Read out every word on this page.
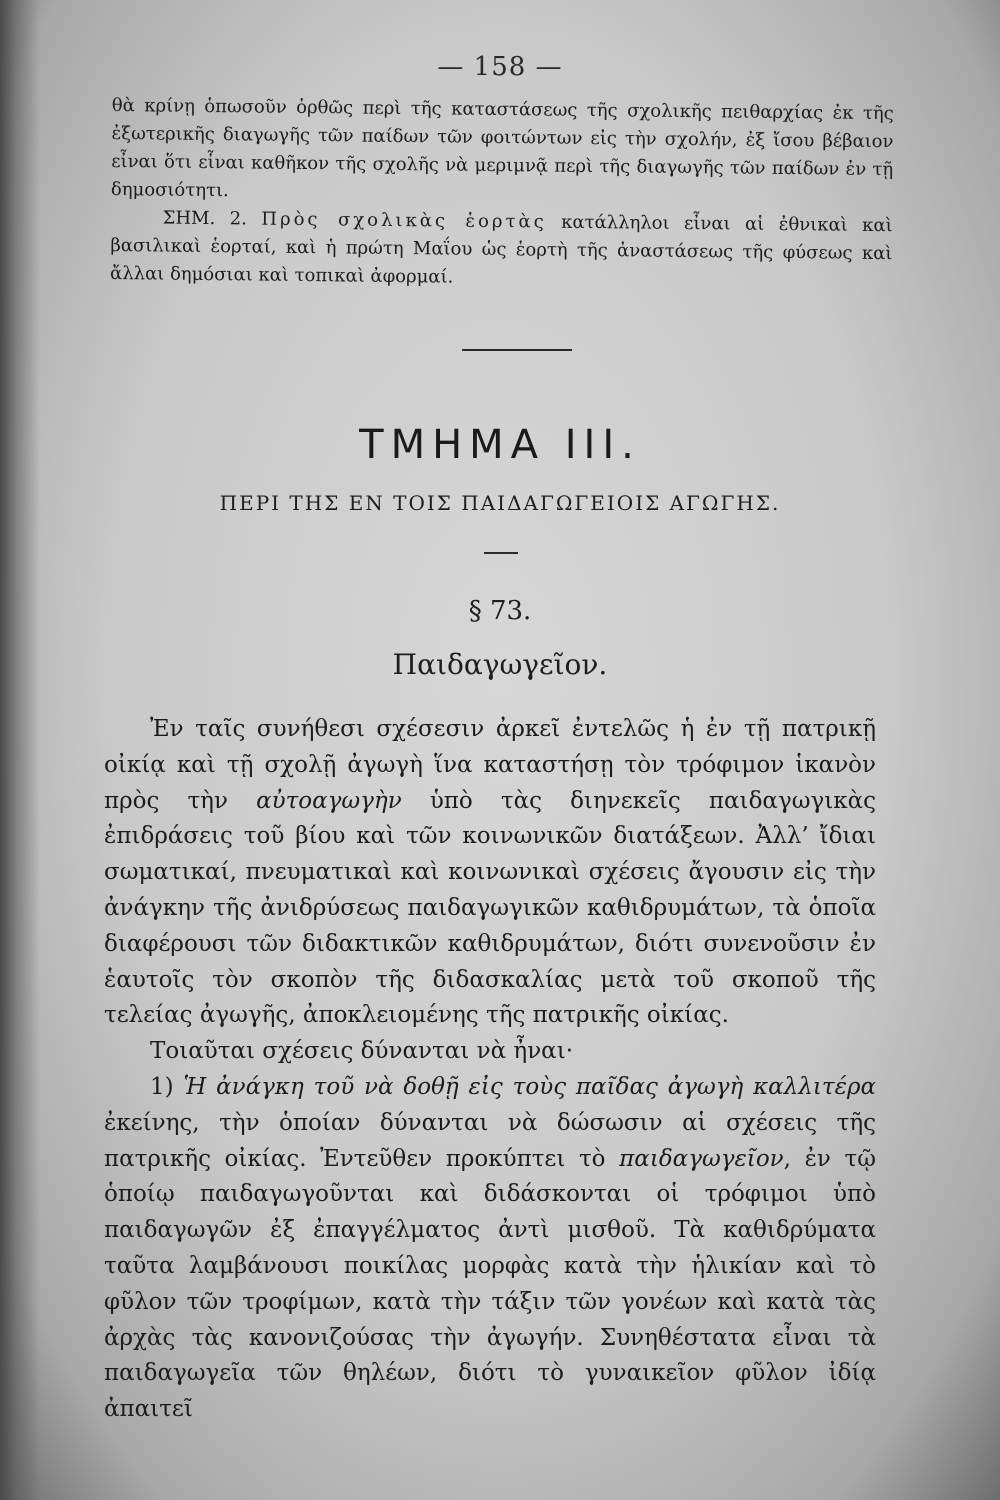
— 158 —

θὰ κρίνῃ ὁπωσοῦν ὀρθῶς περὶ τῆς καταστάσεως τῆς σχολικῆς πειθαρχίας ἐκ τῆς ἐξωτερικῆς διαγωγῆς τῶν παίδων τῶν φοιτώντων εἰς τὴν σχολήν, ἐξ ἴσου βέβαιον εἶναι ὅτι εἶναι καθῆκον τῆς σχολῆς νὰ μεριμνᾷ περὶ τῆς διαγωγῆς τῶν παίδων ἐν τῇ δημοσιότητι.

ΣΗΜ. 2. Πρὸς σχολικὰς ἑορτὰς κατάλληλοι εἶναι αἱ ἐθνικαὶ καὶ βασιλικαὶ ἑορταί, καὶ ἡ πρώτη Μαΐου ὡς ἑορτὴ τῆς ἀναστάσεως τῆς φύσεως καὶ ἄλλαι δημόσιαι καὶ τοπικαὶ ἀφορμαί.

ΤΜΗΜΑ ΙΙΙ.
ΠΕΡΙ ΤΗΣ ΕΝ ΤΟΙΣ ΠΑΙΔΑΓΩΓΕΙΟΙΣ ΑΓΩΓΗΣ.
§ 73.
Παιδαγωγεῖον.

Ἐν ταῖς συνήθεσι σχέσεσιν ἀρκεῖ ἐντελῶς ἡ ἐν τῇ πατρικῇ οἰκίᾳ καὶ τῇ σχολῇ ἀγωγὴ ἵνα καταστήσῃ τὸν τρόφιμον ἱκανὸν πρὸς τὴν αὐτοαγωγὴν ὑπὸ τὰς διηνεκεῖς παιδαγωγικὰς ἐπιδράσεις τοῦ βίου καὶ τῶν κοινωνικῶν διατάξεων. Ἀλλ’ ἴδιαι σωματικαί, πνευματικαὶ καὶ κοινωνικαὶ σχέσεις ἄγουσιν εἰς τὴν ἀνάγκην τῆς ἀνιδρύσεως παιδαγωγικῶν καθιδρυμάτων, τὰ ὁποῖα διαφέρουσι τῶν διδακτικῶν καθιδρυμάτων, διότι συνενοῦσιν ἐν ἑαυτοῖς τὸν σκοπὸν τῆς διδασκαλίας μετὰ τοῦ σκοποῦ τῆς τελείας ἀγωγῆς, ἀποκλειομένης τῆς πατρικῆς οἰκίας.

Τοιαῦται σχέσεις δύνανται νὰ ἦναι·

1) Ἡ ἀνάγκη τοῦ νὰ δοθῇ εἰς τοὺς παῖδας ἀγωγὴ καλλιτέρα ἐκείνης, τὴν ὁποίαν δύνανται νὰ δώσωσιν αἱ σχέσεις τῆς πατρικῆς οἰκίας. Ἐντεῦθεν προκύπτει τὸ παιδαγωγεῖον, ἐν τῷ ὁποίῳ παιδαγωγοῦνται καὶ διδάσκονται οἱ τρόφιμοι ὑπὸ παιδαγωγῶν ἐξ ἐπαγγέλματος ἀντὶ μισθοῦ. Τὰ καθιδρύματα ταῦτα λαμβάνουσι ποικίλας μορφὰς κατὰ τὴν ἡλικίαν καὶ τὸ φῦλον τῶν τροφίμων, κατὰ τὴν τάξιν τῶν γονέων καὶ κατὰ τὰς ἀρχὰς τὰς κανονιζούσας τὴν ἀγωγήν. Συνηθέστατα εἶναι τὰ παιδαγωγεῖα τῶν θηλέων, διότι τὸ γυναικεῖον φῦλον ἰδίᾳ ἀπαιτεῖ
